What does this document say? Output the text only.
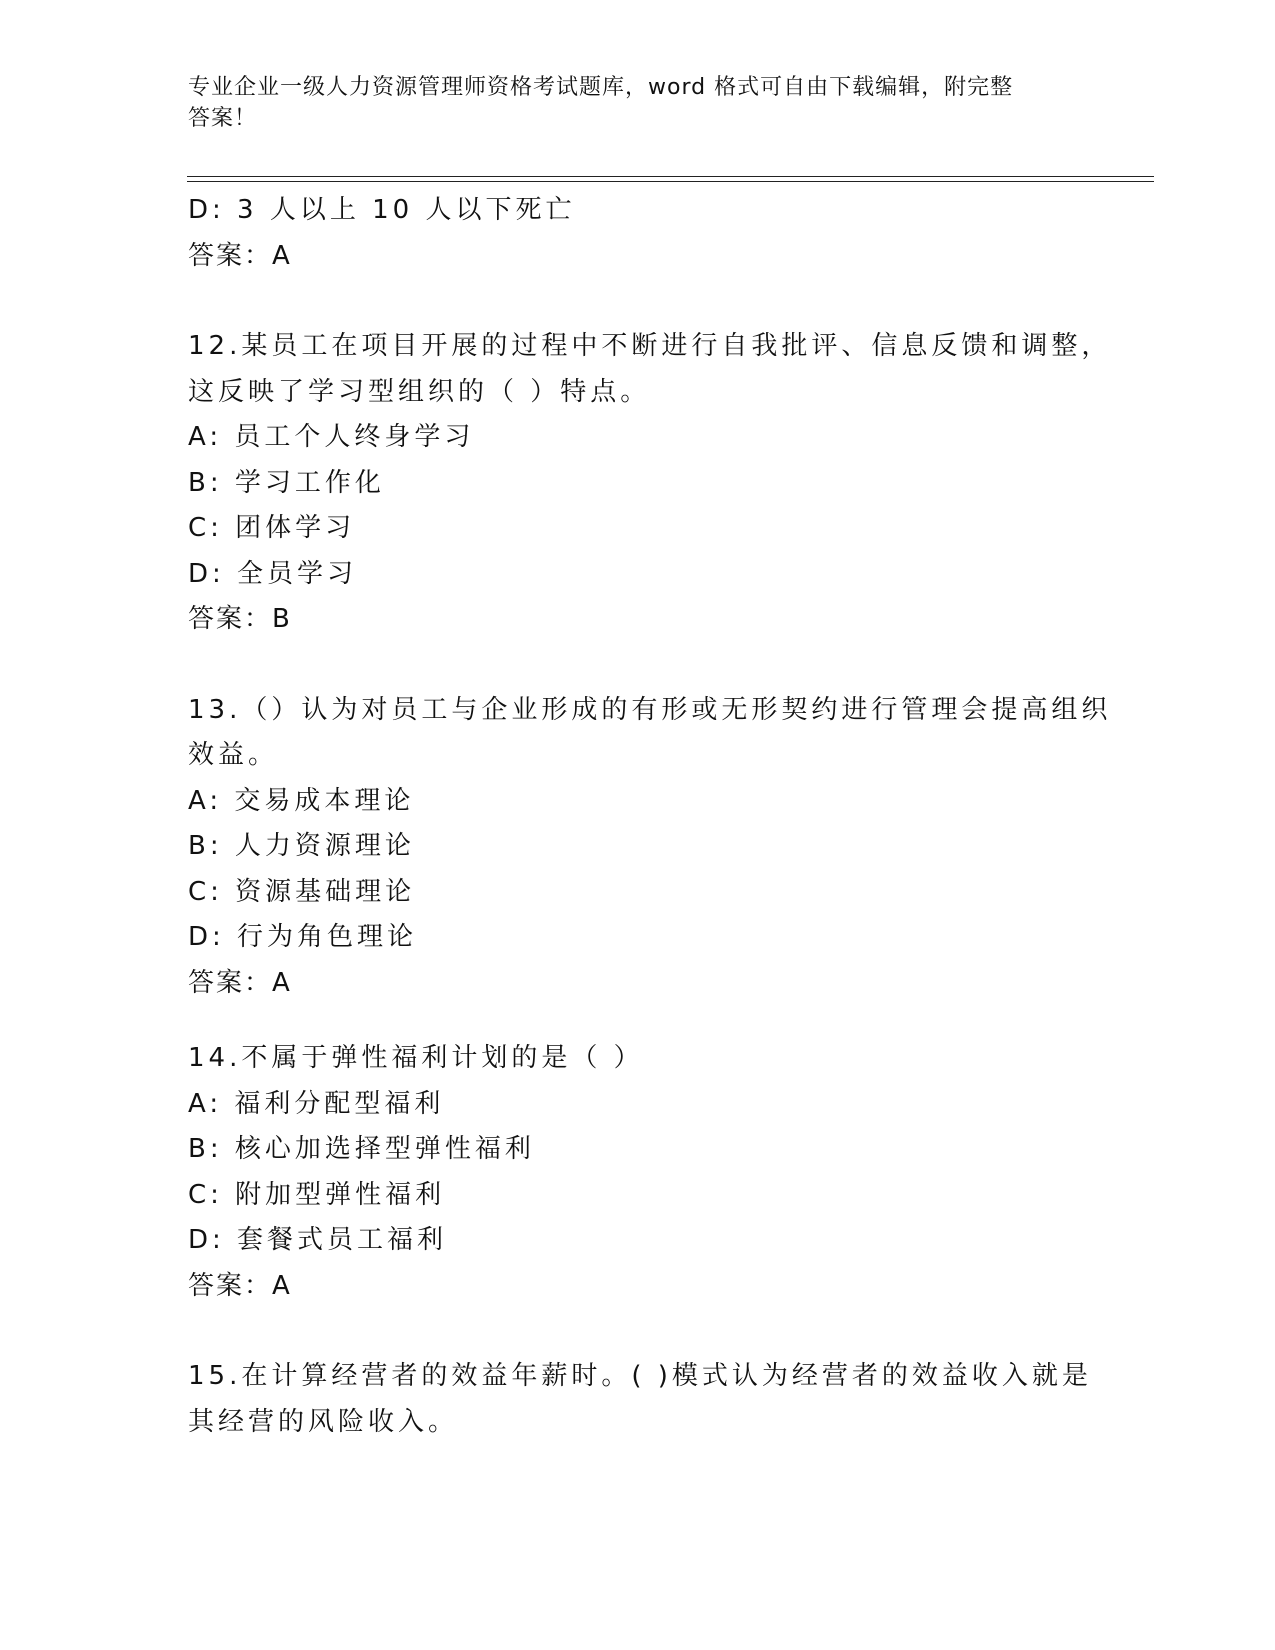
专业企业一级人力资源管理师资格考试题库，word 格式可自由下载编辑，附完整
答案！
D: 3 人以上 10 人以下死亡
答案：A
12.某员工在项目开展的过程中不断进行自我批评、信息反馈和调整，
这反映了学习型组织的（ ）特点。
A: 员工个人终身学习
B: 学习工作化
C: 团体学习
D: 全员学习
答案：B
13.（）认为对员工与企业形成的有形或无形契约进行管理会提高组织
效益。
A: 交易成本理论
B: 人力资源理论
C: 资源基础理论
D: 行为角色理论
答案：A
14.不属于弹性福利计划的是（ ）
A: 福利分配型福利
B: 核心加选择型弹性福利
C: 附加型弹性福利
D: 套餐式员工福利
答案：A
15.在计算经营者的效益年薪时。( )模式认为经营者的效益收入就是
其经营的风险收入。
